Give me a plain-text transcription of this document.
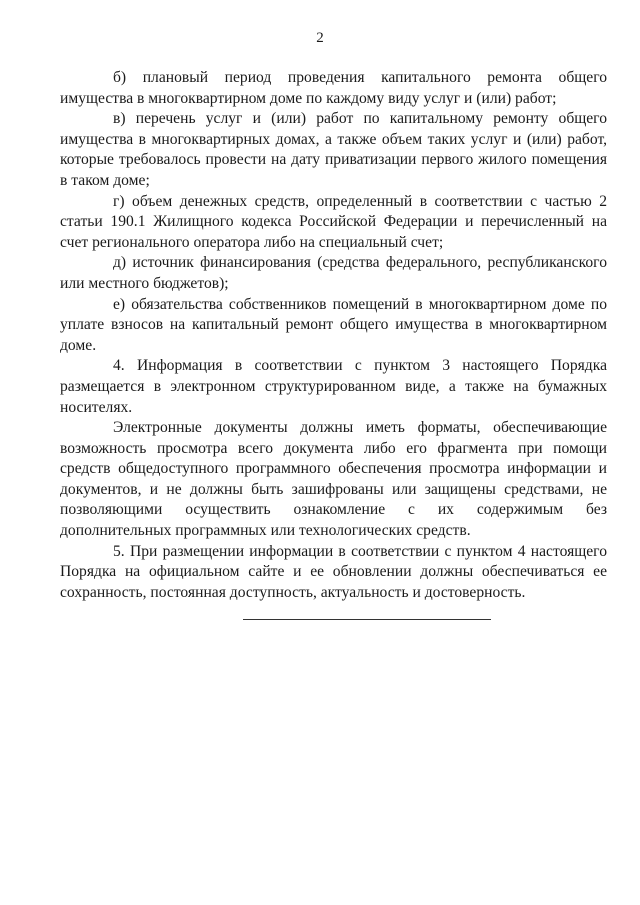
2

б) плановый период проведения капитального ремонта общего имущества в многоквартирном доме по каждому виду услуг и (или) работ;

в) перечень услуг и (или) работ по капитальному ремонту общего имущества в многоквартирных домах, а также объем таких услуг и (или) работ, которые требовалось провести на дату приватизации первого жилого помещения в таком доме;

г) объем денежных средств, определенный в соответствии с частью 2 статьи 190.1 Жилищного кодекса Российской Федерации и перечисленный на счет регионального оператора либо на специальный счет;

д) источник финансирования (средства федерального, республиканского или местного бюджетов);

е) обязательства собственников помещений в многоквартирном доме по уплате взносов на капитальный ремонт общего имущества в многоквартирном доме.

4. Информация в соответствии с пунктом 3 настоящего Порядка размещается в электронном структурированном виде, а также на бумажных носителях.

Электронные документы должны иметь форматы, обеспечивающие возможность просмотра всего документа либо его фрагмента при помощи средств общедоступного программного обеспечения просмотра информации и документов, и не должны быть зашифрованы или защищены средствами, не позволяющими осуществить ознакомление с их содержимым без дополнительных программных или технологических средств.

5. При размещении информации в соответствии с пунктом 4 настоящего Порядка на официальном сайте и ее обновлении должны обеспечиваться ее сохранность, постоянная доступность, актуальность и достоверность.
